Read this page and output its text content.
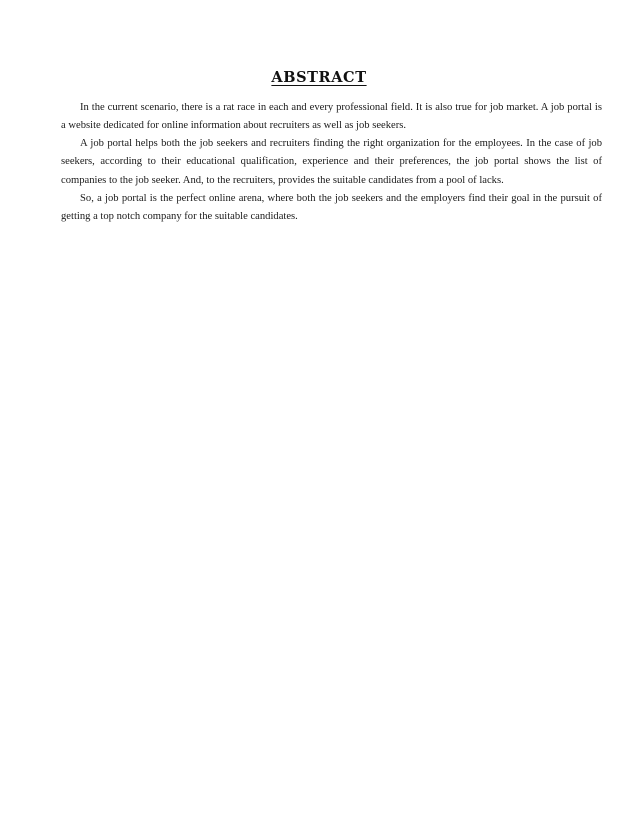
ABSTRACT

In the current scenario, there is a rat race in each and every professional field. It is also true for job market. A job portal is a website dedicated for online information about recruiters as well as job seekers.

A job portal helps both the job seekers and recruiters finding the right organization for the employees. In the case of job seekers, according to their educational qualification, experience and their preferences, the job portal shows the list of companies to the job seeker. And, to the recruiters, provides the suitable candidates from a pool of lacks.

So, a job portal is the perfect online arena, where both the job seekers and the employers find their goal in the pursuit of getting a top notch company for the suitable candidates.
